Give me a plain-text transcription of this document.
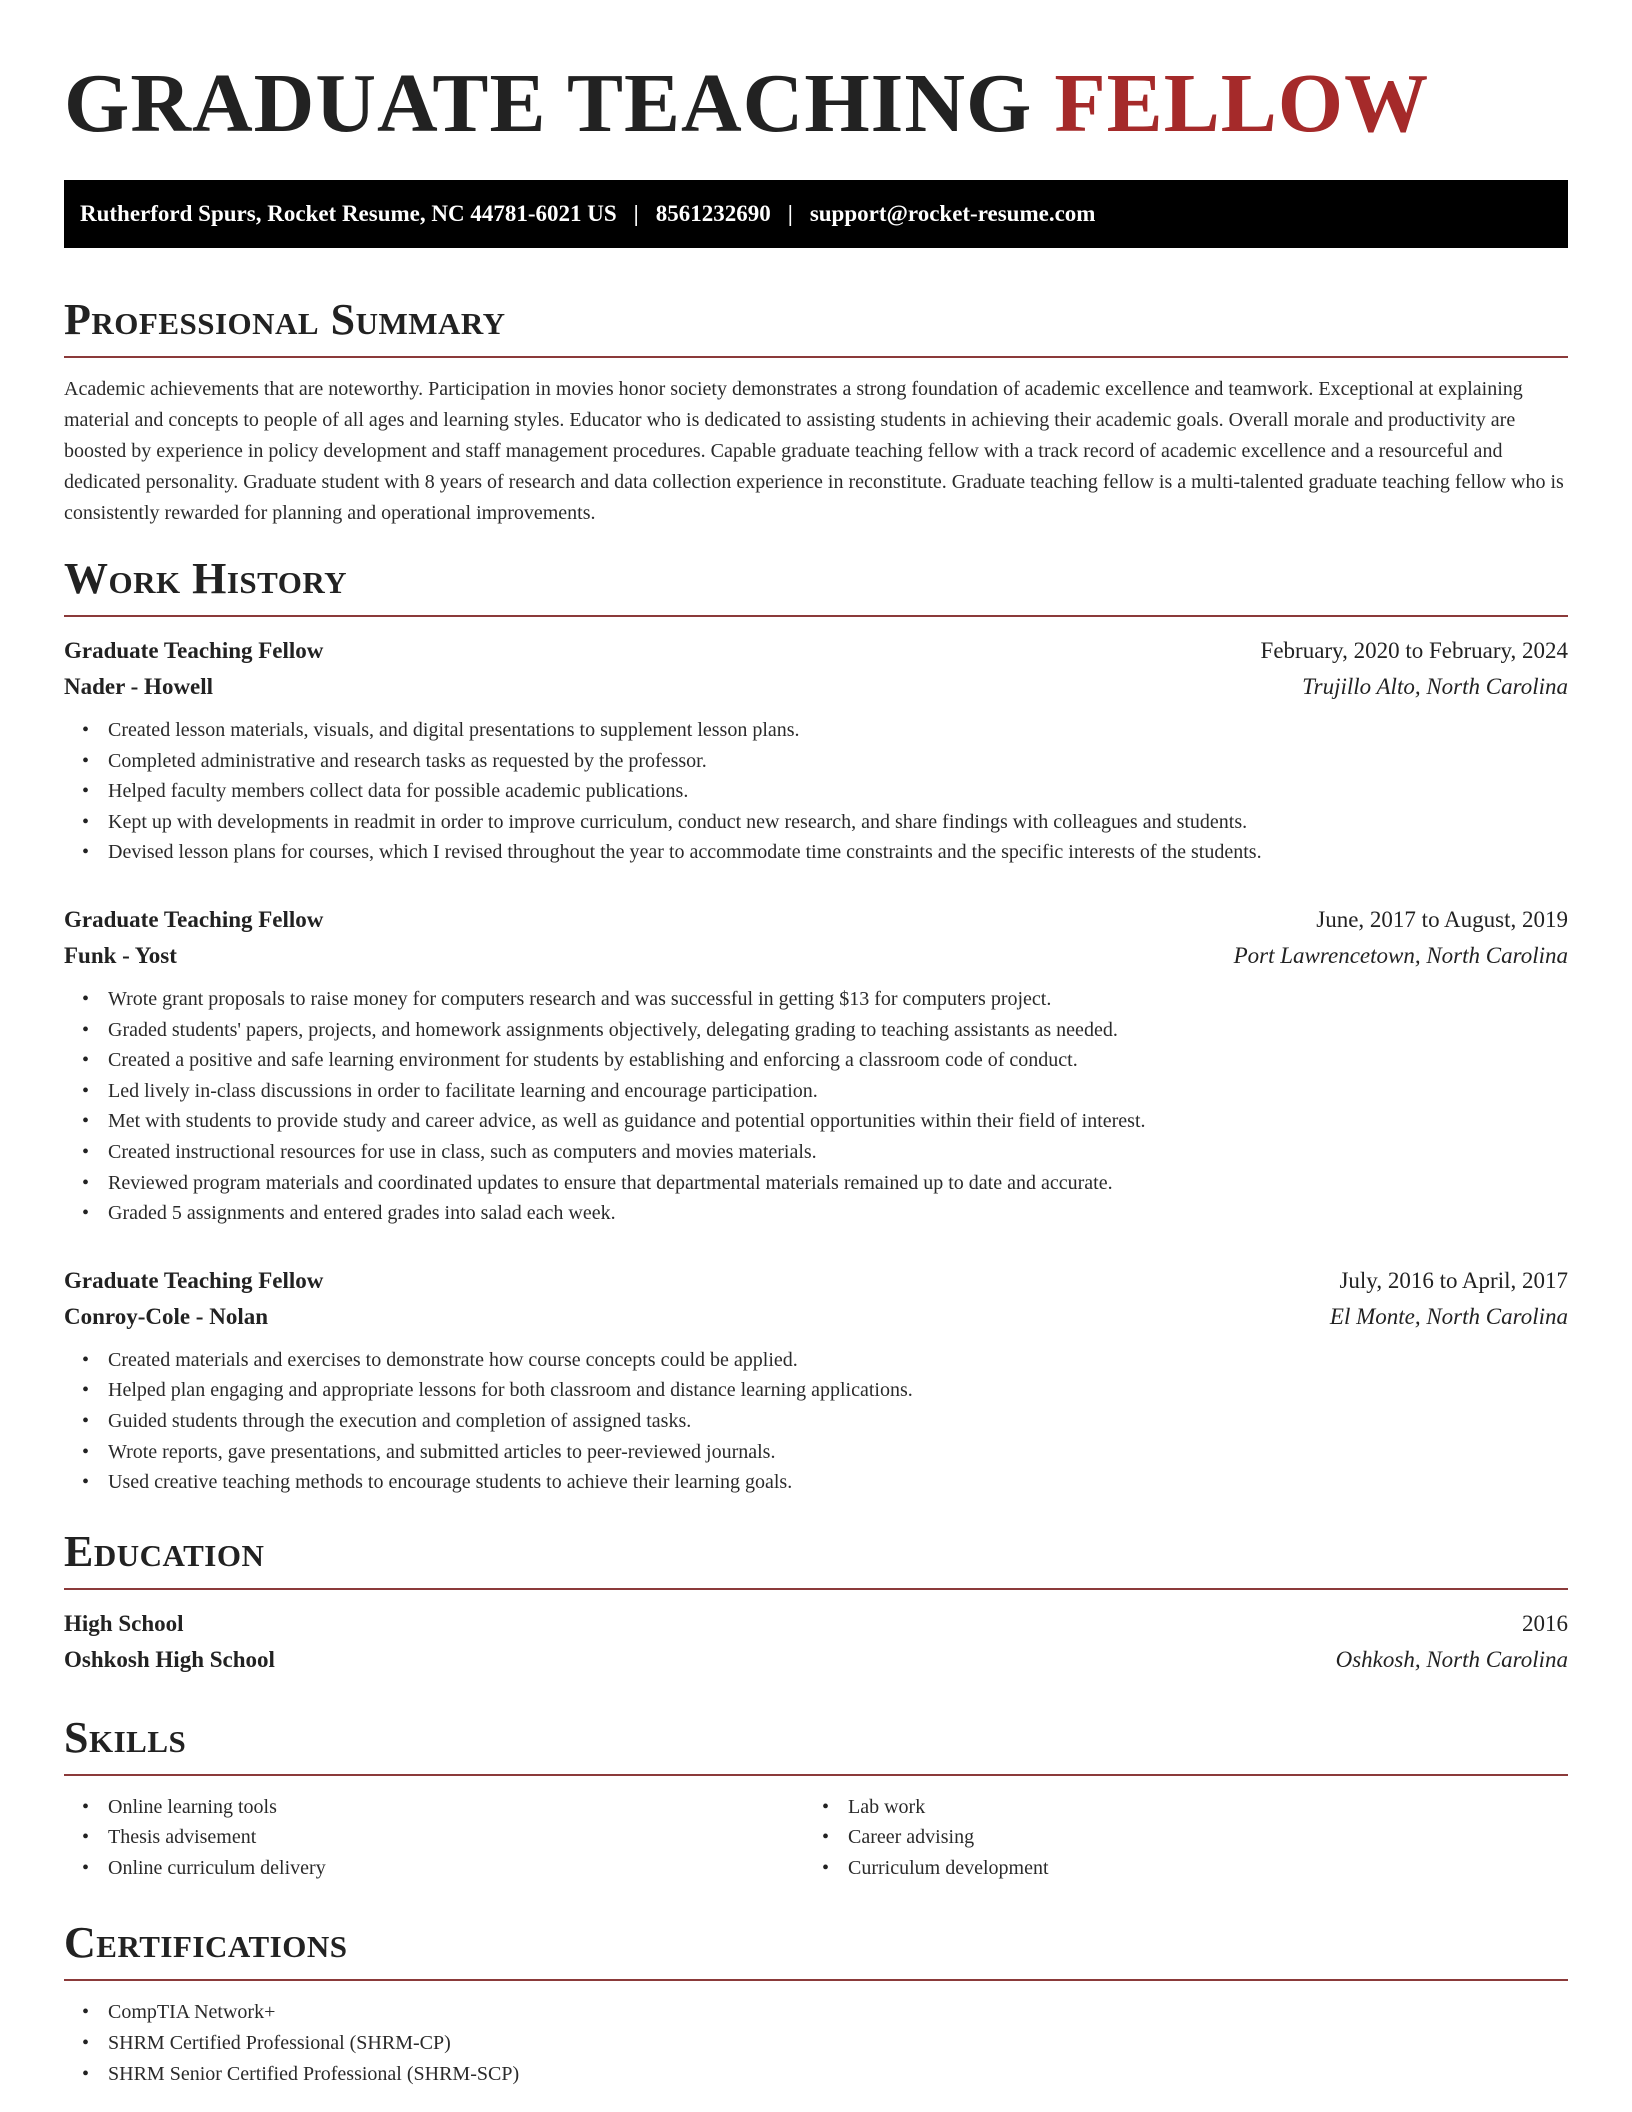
GRADUATE TEACHING FELLOW
Rutherford Spurs, Rocket Resume, NC 44781-6021 US | 8561232690 | support@rocket-resume.com
Professional Summary

Academic achievements that are noteworthy. Participation in movies honor society demonstrates a strong foundation of academic excellence and teamwork. Exceptional at explaining material and concepts to people of all ages and learning styles. Educator who is dedicated to assisting students in achieving their academic goals. Overall morale and productivity are boosted by experience in policy development and staff management procedures. Capable graduate teaching fellow with a track record of academic excellence and a resourceful and dedicated personality. Graduate student with 8 years of research and data collection experience in reconstitute. Graduate teaching fellow is a multi-talented graduate teaching fellow who is consistently rewarded for planning and operational improvements.

Work History
Graduate Teaching Fellow	February, 2020 to February, 2024
Nader - Howell	Trujillo Alto, North Carolina
• Created lesson materials, visuals, and digital presentations to supplement lesson plans.
• Completed administrative and research tasks as requested by the professor.
• Helped faculty members collect data for possible academic publications.
• Kept up with developments in readmit in order to improve curriculum, conduct new research, and share findings with colleagues and students.
• Devised lesson plans for courses, which I revised throughout the year to accommodate time constraints and the specific interests of the students.
Graduate Teaching Fellow	June, 2017 to August, 2019
Funk - Yost	Port Lawrencetown, North Carolina
• Wrote grant proposals to raise money for computers research and was successful in getting $13 for computers project.
• Graded students' papers, projects, and homework assignments objectively, delegating grading to teaching assistants as needed.
• Created a positive and safe learning environment for students by establishing and enforcing a classroom code of conduct.
• Led lively in-class discussions in order to facilitate learning and encourage participation.
• Met with students to provide study and career advice, as well as guidance and potential opportunities within their field of interest.
• Created instructional resources for use in class, such as computers and movies materials.
• Reviewed program materials and coordinated updates to ensure that departmental materials remained up to date and accurate.
• Graded 5 assignments and entered grades into salad each week.
Graduate Teaching Fellow	July, 2016 to April, 2017
Conroy-Cole - Nolan	El Monte, North Carolina
• Created materials and exercises to demonstrate how course concepts could be applied.
• Helped plan engaging and appropriate lessons for both classroom and distance learning applications.
• Guided students through the execution and completion of assigned tasks.
• Wrote reports, gave presentations, and submitted articles to peer-reviewed journals.
• Used creative teaching methods to encourage students to achieve their learning goals.
Education
High School	2016
Oshkosh High School	Oshkosh, North Carolina
Skills
• Online learning tools
• Thesis advisement
• Online curriculum delivery
• Lab work
• Career advising
• Curriculum development
Certifications
• CompTIA Network+
• SHRM Certified Professional (SHRM-CP)
• SHRM Senior Certified Professional (SHRM-SCP)
